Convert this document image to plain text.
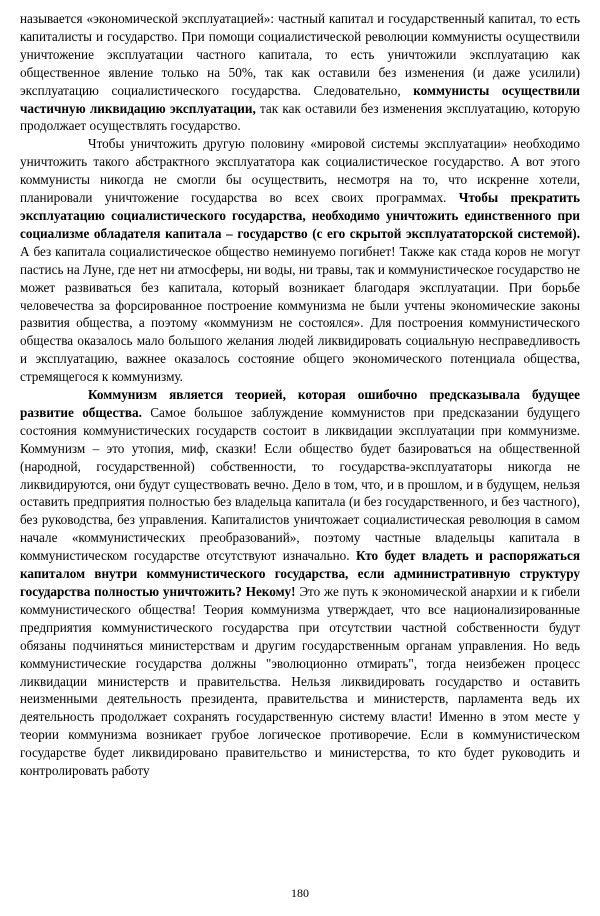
называется «экономической эксплуатацией»: частный капитал и государственный капитал, то есть капиталисты и государство. При помощи социалистической революции коммунисты осуществили уничтожение эксплуатации частного капитала, то есть уничтожили эксплуатацию как общественное явление только на 50%, так как оставили без изменения (и даже усилили) эксплуатацию социалистического государства. Следовательно, коммунисты осуществили частичную ликвидацию эксплуатации, так как оставили без изменения эксплуатацию, которую продолжает осуществлять государство.

Чтобы уничтожить другую половину «мировой системы эксплуатации» необходимо уничтожить такого абстрактного эксплуататора как социалистическое государство. А вот этого коммунисты никогда не смогли бы осуществить, несмотря на то, что искренне хотели, планировали уничтожение государства во всех своих программах. Чтобы прекратить эксплуатацию социалистического государства, необходимо уничтожить единственного при социализме обладателя капитала – государство (с его скрытой эксплуататорской системой). А без капитала социалистическое общество неминуемо погибнет! Также как стада коров не могут пастись на Луне, где нет ни атмосферы, ни воды, ни травы, так и коммунистическое государство не может развиваться без капитала, который возникает благодаря эксплуатации. При борьбе человечества за форсированное построение коммунизма не были учтены экономические законы развития общества, а поэтому «коммунизм не состоялся». Для построения коммунистического общества оказалось мало большого желания людей ликвидировать социальную несправедливость и эксплуатацию, важнее оказалось состояние общего экономического потенциала общества, стремящегося к коммунизму.

Коммунизм является теорией, которая ошибочно предсказывала будущее развитие общества. Самое большое заблуждение коммунистов при предсказании будущего состояния коммунистических государств состоит в ликвидации эксплуатации при коммунизме. Коммунизм – это утопия, миф, сказки! Если общество будет базироваться на общественной (народной, государственной) собственности, то государства-эксплуататоры никогда не ликвидируются, они будут существовать вечно. Дело в том, что, и в прошлом, и в будущем, нельзя оставить предприятия полностью без владельца капитала (и без государственного, и без частного), без руководства, без управления. Капиталистов уничтожает социалистическая революция в самом начале «коммунистических преобразований», поэтому частные владельцы капитала в коммунистическом государстве отсутствуют изначально. Кто будет владеть и распоряжаться капиталом внутри коммунистического государства, если административную структуру государства полностью уничтожить? Некому! Это же путь к экономической анархии и к гибели коммунистического общества! Теория коммунизма утверждает, что все национализированные предприятия коммунистического государства при отсутствии частной собственности будут обязаны подчиняться министерствам и другим государственным органам управления. Но ведь коммунистические государства должны "эволюционно отмирать", тогда неизбежен процесс ликвидации министерств и правительства. Нельзя ликвидировать государство и оставить неизменными деятельность президента, правительства и министерств, парламента ведь их деятельность продолжает сохранять государственную систему власти! Именно в этом месте у теории коммунизма возникает грубое логическое противоречие. Если в коммунистическом государстве будет ликвидировано правительство и министерства, то кто будет руководить и контролировать работу

180
